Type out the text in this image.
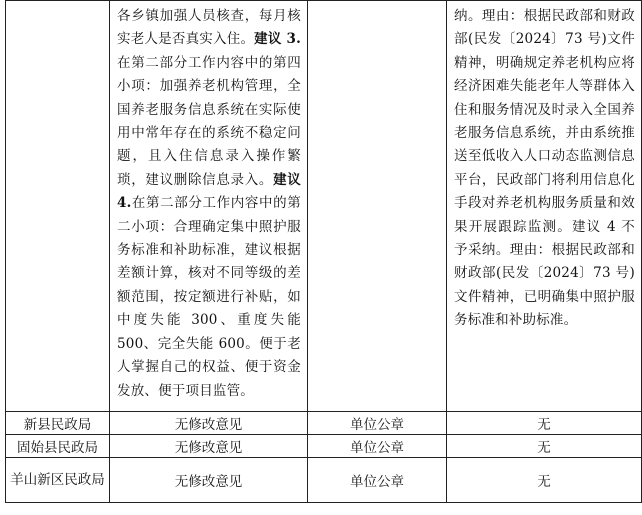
	各乡镇加强人员核查，每月核实老人是否真实入住。建议 3.在第二部分工作内容中的第四小项：加强养老机构管理，全国养老服务信息系统在实际使用中常年存在的系统不稳定问题，且入住信息录入操作繁琐，建议删除信息录入。建议 4.在第二部分工作内容中的第二小项：合理确定集中照护服务标准和补助标准，建议根据差额计算，核对不同等级的差额范围，按定额进行补贴，如中度失能 300、重度失能 500、完全失能 600。便于老人掌握自己的权益、便于资金发放、便于项目监管。		纳。理由：根据民政部和财政部(民发〔2024〕73 号)文件精神，明确规定养老机构应将经济困难失能老年人等群体入住和服务情况及时录入全国养老服务信息系统，并由系统推送至低收入人口动态监测信息平台，民政部门将利用信息化手段对养老机构服务质量和效果开展跟踪监测。建议 4 不予采纳。理由：根据民政部和财政部(民发〔2024〕73 号)文件精神，已明确集中照护服务标准和补助标准。

新县民政局	无修改意见	单位公章	无
固始县民政局	无修改意见	单位公章	无
羊山新区民政局	无修改意见	单位公章	无
